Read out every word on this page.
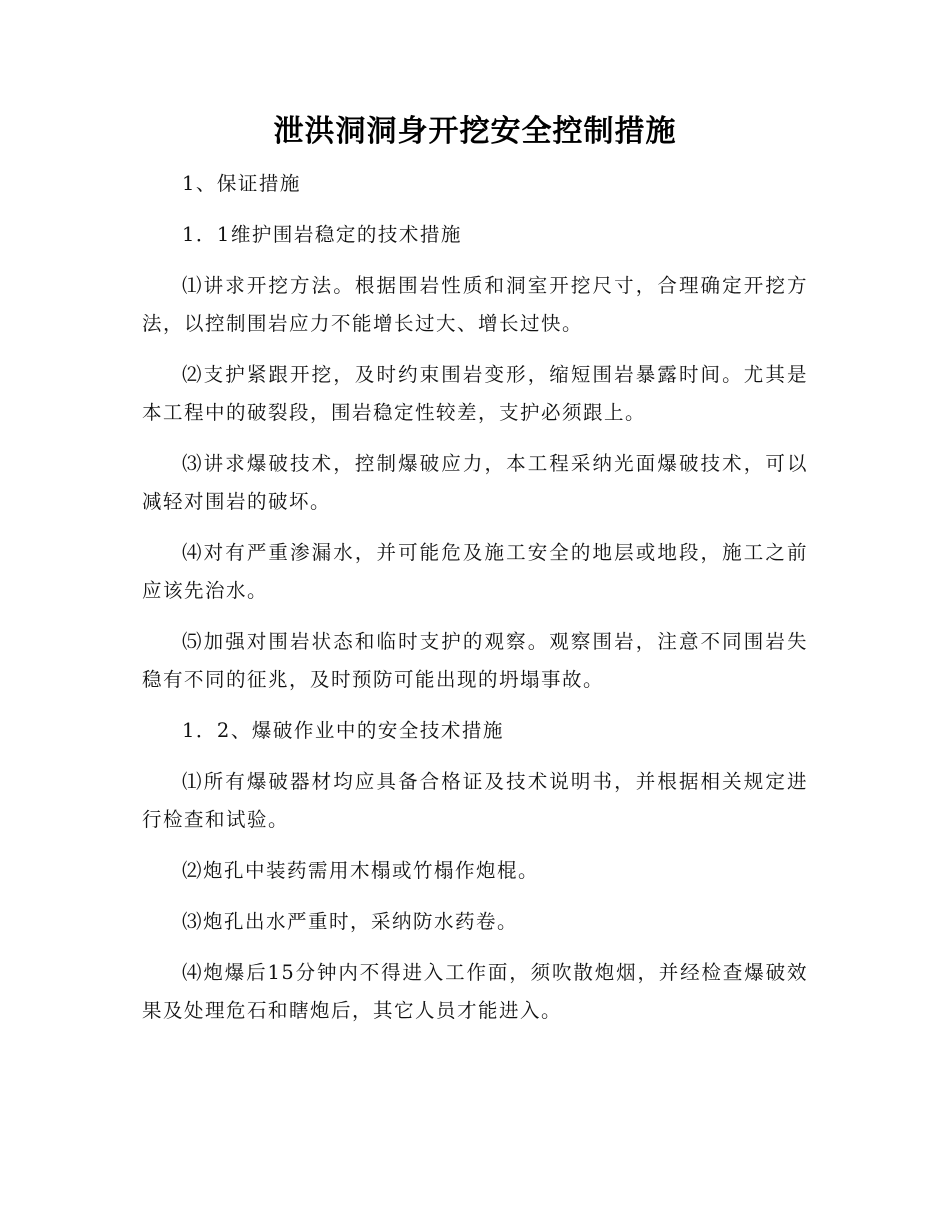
泄洪洞洞身开挖安全控制措施

1、保证措施

1．1维护围岩稳定的技术措施

⑴讲求开挖方法。根据围岩性质和洞室开挖尺寸，合理确定开挖方法，以控制围岩应力不能增长过大、增长过快。

⑵支护紧跟开挖，及时约束围岩变形，缩短围岩暴露时间。尤其是本工程中的破裂段，围岩稳定性较差，支护必须跟上。

⑶讲求爆破技术，控制爆破应力，本工程采纳光面爆破技术，可以减轻对围岩的破坏。

⑷对有严重渗漏水，并可能危及施工安全的地层或地段，施工之前应该先治水。

⑸加强对围岩状态和临时支护的观察。观察围岩，注意不同围岩失稳有不同的征兆，及时预防可能出现的坍塌事故。

1．2、爆破作业中的安全技术措施

⑴所有爆破器材均应具备合格证及技术说明书，并根据相关规定进行检查和试验。

⑵炮孔中装药需用木榻或竹榻作炮棍。

⑶炮孔出水严重时，采纳防水药卷。

⑷炮爆后15分钟内不得进入工作面，须吹散炮烟，并经检查爆破效果及处理危石和瞎炮后，其它人员才能进入。
